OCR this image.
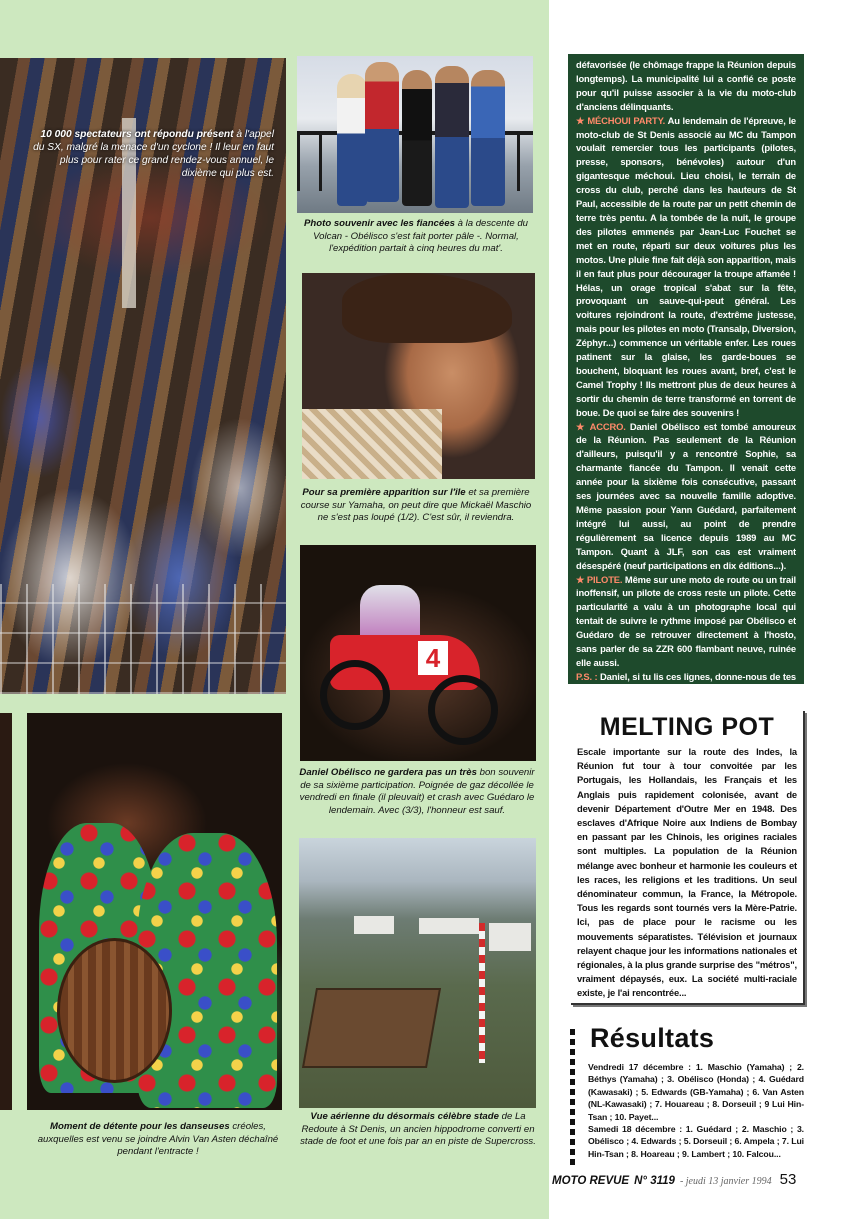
10 000 spectateurs ont répondu présent à l'appel du SX, malgré la menace d'un cyclone ! Il leur en faut plus pour rater ce grand rendez-vous annuel, le dixième qui plus est.
Photo souvenir avec les fiancées à la descente du Volcan - Obélisco s'est fait porter pâle -. Normal, l'expédition partait à cinq heures du mat'.
Pour sa première apparition sur l'île et sa première course sur Yamaha, on peut dire que Mickaël Maschio ne s'est pas loupé (1/2). C'est sûr, il reviendra.
4
Daniel Obélisco ne gardera pas un très bon souvenir de sa sixième participation. Poignée de gaz décollée le vendredi en finale (il pleuvait) et crash avec Guédaro le lendemain. Avec (3/3), l'honneur est sauf.
Moment de détente pour les danseuses créoles, auxquelles est venu se joindre Alvin Van Asten déchaîné pendant l'entracte !
Vue aérienne du désormais célèbre stade de La Redoute à St Denis, un ancien hippodrome converti en stade de foot et une fois par an en piste de Supercross.

défavorisée (le chômage frappe la Réunion depuis longtemps). La municipalité lui a confié ce poste pour qu'il puisse associer à la vie du moto-club d'anciens délinquants.
★ MÉCHOUI PARTY. Au lendemain de l'épreuve, le moto-club de St Denis associé au MC du Tampon voulait remercier tous les participants (pilotes, presse, sponsors, bénévoles) autour d'un gigantesque méchoui. Lieu choisi, le terrain de cross du club, perché dans les hauteurs de St Paul, accessible de la route par un petit chemin de terre très pentu. A la tombée de la nuit, le groupe des pilotes emmenés par Jean-Luc Fouchet se met en route, réparti sur deux voitures plus les motos. Une pluie fine fait déjà son apparition, mais il en faut plus pour décourager la troupe affamée ! Hélas, un orage tropical s'abat sur la fête, provoquant un sauve-qui-peut général. Les voitures rejoindront la route, d'extrême justesse, mais pour les pilotes en moto (Transalp, Diversion, Zéphyr...) commence un véritable enfer. Les roues patinent sur la glaise, les garde-boues se bouchent, bloquant les roues avant, bref, c'est le Camel Trophy ! Ils mettront plus de deux heures à sortir du chemin de terre transformé en torrent de boue. De quoi se faire des souvenirs !
★ ACCRO. Daniel Obélisco est tombé amoureux de la Réunion. Pas seulement de la Réunion d'ailleurs, puisqu'il y a rencontré Sophie, sa charmante fiancée du Tampon. Il venait cette année pour la sixième fois consécutive, passant ses journées avec sa nouvelle famille adoptive. Même passion pour Yann Guédard, parfaitement intégré lui aussi, au point de prendre régulièrement sa licence depuis 1989 au MC Tampon. Quant à JLF, son cas est vraiment désespéré (neuf participations en dix éditions...).
★ PILOTE. Même sur une moto de route ou un trail inoffensif, un pilote de cross reste un pilote. Cette particularité a valu à un photographe local qui tentait de suivre le rythme imposé par Obélisco et Guédaro de se retrouver directement à l'hosto, sans parler de sa ZZR 600 flambant neuve, ruinée elle aussi.
P.S. : Daniel, si tu lis ces lignes, donne-nous de tes nouvelles, ça nous rassurera.

MELTING POT
Escale importante sur la route des Indes, la Réunion fut tour à tour convoitée par les Portugais, les Hollandais, les Français et les Anglais puis rapidement colonisée, avant de devenir Département d'Outre Mer en 1948. Des esclaves d'Afrique Noire aux Indiens de Bombay en passant par les Chinois, les origines raciales sont multiples. La population de la Réunion mélange avec bonheur et harmonie les couleurs et les races, les religions et les traditions. Un seul dénominateur commun, la France, la Métropole. Tous les regards sont tournés vers la Mère-Patrie. Ici, pas de place pour le racisme ou les mouvements séparatistes. Télévision et journaux relayent chaque jour les informations nationales et régionales, à la plus grande surprise des "métros", vraiment dépaysés, eux. La société multi-raciale existe, je l'ai rencontrée...
Résultats
Vendredi 17 décembre : 1. Maschio (Yamaha) ; 2. Béthys (Yamaha) ; 3. Obélisco (Honda) ; 4. Guédard (Kawasaki) ; 5. Edwards (GB-Yamaha) ; 6. Van Asten (NL-Kawasaki) ; 7. Houareau ; 8. Dorseuil ; 9 Lui Hin-Tsan ; 10. Payet...
Samedi 18 décembre : 1. Guédard ; 2. Maschio ; 3. Obélisco ; 4. Edwards ; 5. Dorseuil ; 6. Ampela ; 7. Lui Hin-Tsan ; 8. Hoareau ; 9. Lambert ; 10. Falcou...
MOTO REVUE N° 3119 - jeudi 13 janvier 1994 53
